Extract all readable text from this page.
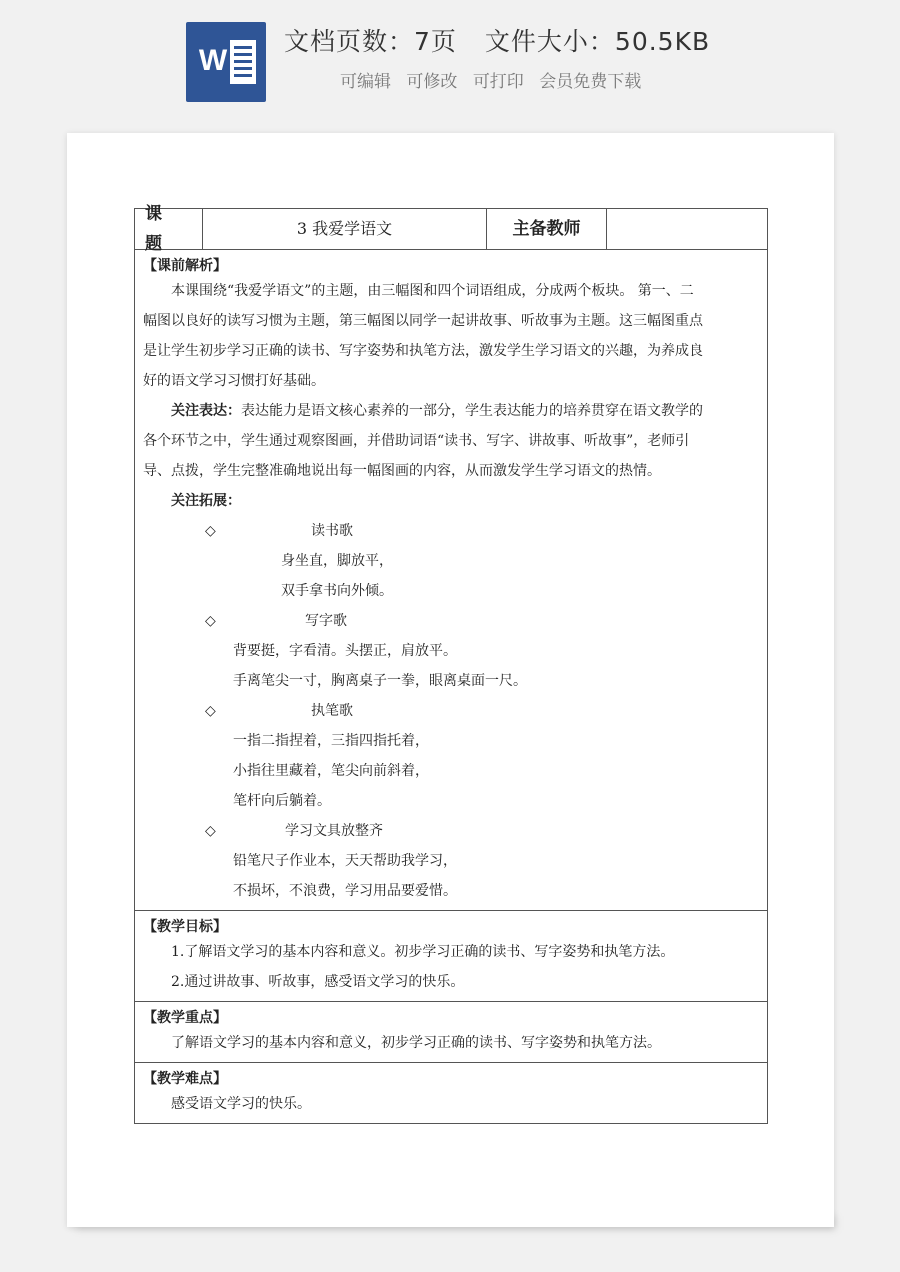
W
文档页数：7页 文件大小：50.5KB
可编辑 可修改 可打印 会员免费下载
课 题
3 我爱学语文	主备教师
【课前解析】
本课围绕“我爱学语文”的主题，由三幅图和四个词语组成，分成两个板块。 第一、二
幅图以良好的读写习惯为主题，第三幅图以同学一起讲故事、听故事为主题。这三幅图重点
是让学生初步学习正确的读书、写字姿势和执笔方法，激发学生学习语文的兴趣，为养成良
好的语文学习习惯打好基础。
关注表达：表达能力是语文核心素养的一部分，学生表达能力的培养贯穿在语文教学的
各个环节之中，学生通过观察图画，并借助词语“读书、写字、讲故事、听故事”，老师引
导、点拨，学生完整准确地说出每一幅图画的内容，从而激发学生学习语文的热情。
关注拓展：
◇	读书歌
身坐直，脚放平，
双手拿书向外倾。
◇	写字歌
背要挺，字看清。头摆正，肩放平。
手离笔尖一寸，胸离桌子一拳，眼离桌面一尺。
◇	执笔歌
一指二指捏着，三指四指托着，
小指往里藏着，笔尖向前斜着，
笔杆向后躺着。
◇	学习文具放整齐
铅笔尺子作业本，天天帮助我学习，
不损坏，不浪费，学习用品要爱惜。
【教学目标】
1.了解语文学习的基本内容和意义。初步学习正确的读书、写字姿势和执笔方法。
2.通过讲故事、听故事，感受语文学习的快乐。
【教学重点】
了解语文学习的基本内容和意义，初步学习正确的读书、写字姿势和执笔方法。
【教学难点】
感受语文学习的快乐。
